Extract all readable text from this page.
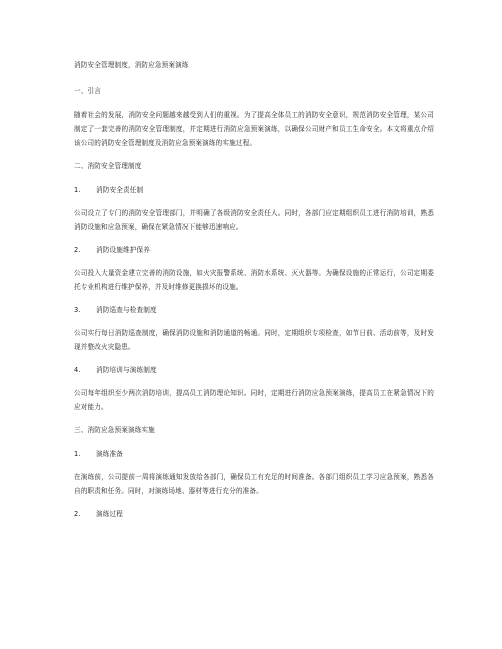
消防安全管理制度，消防应急预案演练

一、引言

随着社会的发展，消防安全问题越来越受到人们的重视。为了提高全体员工的消防安全意识，规范消防安全管理，某公司制定了一套完善的消防安全管理制度，并定期进行消防应急预案演练，以确保公司财产和员工生命安全。本文将重点介绍该公司的消防安全管理制度及消防应急预案演练的实施过程。

二、消防安全管理制度

1. 消防安全责任制

公司设立了专门的消防安全管理部门，并明确了各级消防安全责任人。同时，各部门应定期组织员工进行消防培训，熟悉消防设施和应急预案，确保在紧急情况下能够迅速响应。

2. 消防设施维护保养

公司投入大量资金建立完善的消防设施，如火灾报警系统、消防水系统、灭火器等。为确保设施的正常运行，公司定期委托专业机构进行维护保养，并及时维修更换损坏的设施。

3. 消防巡查与检查制度

公司实行每日消防巡查制度，确保消防设施和消防通道的畅通。同时，定期组织专项检查，如节日前、活动前等，及时发现并整改火灾隐患。

4. 消防培训与演练制度

公司每年组织至少两次消防培训，提高员工消防理论知识。同时，定期进行消防应急预案演练，提高员工在紧急情况下的应对能力。

三、消防应急预案演练实施

1. 演练准备

在演练前，公司提前一周将演练通知发放给各部门，确保员工有充足的时间准备。各部门组织员工学习应急预案，熟悉各自的职责和任务。同时，对演练场地、器材等进行充分的准备。

2. 演练过程
